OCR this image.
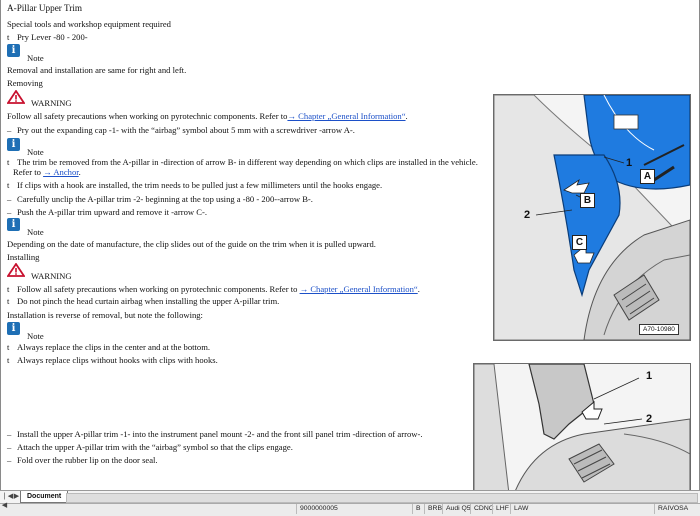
A-Pillar Upper Trim
Special tools and workshop equipment required
t Pry Lever -80 - 200-
i
Note
Removal and installation are same for right and left.
Removing
WARNING
Follow all safety precautions when working on pyrotechnic components. Refer to→ Chapter „General Information“.
– Pry out the expanding cap -1- with the “airbag” symbol about 5 mm with a screwdriver -arrow A-.
i
Note
t The trim be removed from the A-pillar in -direction of arrow B- in different way depending on which clips are installed in the vehicle.
Refer to → Anchor.
t If clips with a hook are installed, the trim needs to be pulled just a few millimeters until the hooks engage.
– Carefully unclip the A-pillar trim -2- beginning at the top using a -80 - 200--arrow B-.
– Push the A-pillar trim upward and remove it -arrow C-.
i
Note
Depending on the date of manufacture, the clip slides out of the guide on the trim when it is pulled upward.
Installing
WARNING
t Follow all safety precautions when working on pyrotechnic components. Refer to → Chapter „General Information“.
t Do not pinch the head curtain airbag when installing the upper A-pillar trim.
Installation is reverse of removal, but note the following:
i
Note
t Always replace the clips in the center and at the bottom.
t Always replace clips without hooks with clips with hooks.
– Install the upper A-pillar trim -1- into the instrument panel mount -2- and the front sill panel trim -direction of arrow-.
– Attach the upper A-pillar trim with the “airbag” symbol so that the clips engage.
– Fold over the rubber lip on the door seal.
1
2
A
B
C
A70-10980
1
2
|◀
◀ ▶	Document
9000000005	B	BRB Audi Q5 CDNC LHF LAW	RAIVOSA
